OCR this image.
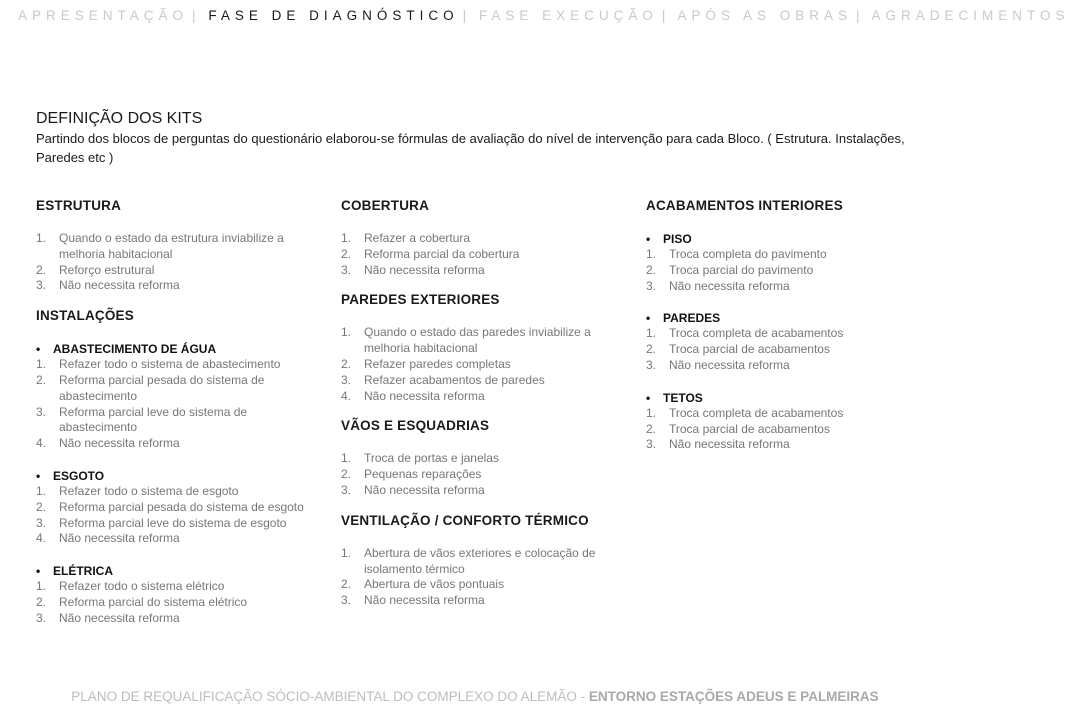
APRESENTAÇÃO | FASE DE DIAGNÓSTICO | FASE EXECUÇÃO | APÓS AS OBRAS | AGRADECIMENTOS
DEFINIÇÃO DOS KITS
Partindo dos blocos de perguntas do questionário elaborou-se fórmulas de avaliação do nível de intervenção para cada Bloco. ( Estrutura. Instalações, Paredes etc )
ESTRUTURA
1. Quando o estado da estrutura inviabilize a melhoria habitacional
2. Reforço estrutural
3. Não necessita reforma
INSTALAÇÕES
• ABASTECIMENTO DE ÁGUA
1. Refazer todo o sistema de abastecimento
2. Reforma parcial pesada do sistema de abastecimento
3. Reforma parcial leve do sistema de abastecimento
4. Não necessita reforma
• ESGOTO
1. Refazer todo o sistema de esgoto
2. Reforma parcial pesada do sistema de esgoto
3. Reforma parcial leve do sistema de esgoto
4. Não necessita reforma
• ELÉTRICA
1. Refazer todo o sistema elétrico
2. Reforma parcial do sistema elétrico
3. Não necessita reforma
COBERTURA
1. Refazer a cobertura
2. Reforma parcial da cobertura
3. Não necessita reforma
PAREDES EXTERIORES
1. Quando o estado das paredes inviabilize a melhoria habitacional
2. Refazer paredes completas
3. Refazer acabamentos de paredes
4. Não necessita reforma
VÃOS E ESQUADRIAS
1. Troca de portas e janelas
2. Pequenas reparações
3. Não necessita reforma
VENTILAÇÃO / CONFORTO TÉRMICO
1. Abertura de vãos exteriores e colocação de isolamento térmico
2. Abertura de vãos pontuais
3. Não necessita reforma
ACABAMENTOS INTERIORES
• PISO
1. Troca completa do pavimento
2. Troca parcial do pavimento
3. Não necessita reforma
• PAREDES
1. Troca completa de acabamentos
2. Troca parcial de acabamentos
3. Não necessita reforma
• TETOS
1. Troca completa de acabamentos
2. Troca parcial de acabamentos
3. Não necessita reforma
PLANO DE REQUALIFICAÇÃO SÓCIO-AMBIENTAL DO COMPLEXO DO ALEMÃO - ENTORNO ESTAÇÕES ADEUS E PALMEIRAS
